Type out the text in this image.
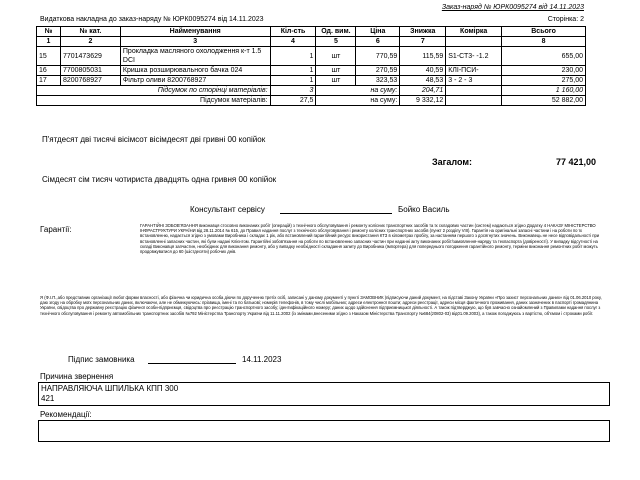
Заказ-наряд № ЮРК0095274 від 14.11.2023
Видаткова накладна до заказ-наряду № ЮРК0095274 від 14.11.2023	Сторінка: 2
№	№ кат.	Найменування	Кіл-сть	Од. вим.	Ціна	Знижка	Комірка	Всього
1	2	3	4	5	6	7		8
15	7701473629	Прокладка масляного охолодження к-т 1.5 DCI	1	шт	770,59	115,59	S1-СТ3- -1.2	655,00
16	7700805031	Кришка розширювального бачка 024	1	шт	270,59	40,59	КЛІ-ПСИ-	230,00
17	8200768927	Фільтр оливи 8200768927	1	шт	323,53	48,53	3 - 2 - 3	275,00
Підсумок по сторінці матеріалів:			3	на суму:		204,71		1 160,00
Підсумок матеріалів:			27,5	на суму:		9 332,12		52 882,00
П'ятдесят дві тисячі вісімсот вісімдесят дві гривні 00 копійок
Загалом:	77 421,00
Сімдесят сім тисяч чотириста двадцять одна гривня 00 копійок
Консультант сервісу	Бойко Василь
Гарантії:	ГАРАНТІЙНІ ЗОБОВ'ЯЗАННЯ виконавця стосовно виконаних робіт (операцій) з технічного обслуговування і ремонту колісних транспортних засобів та їх складових частин (систем) надаються згідно Додатку 4 НАКАЗУ МІНІСТЕРСТВО ІНФРАСТРУКТУРИ УКРАЇНИ від 28.11.2014 № 615, до Правил надання послуг з технічного обслуговування і ремонту колісних транспортних засобів (пункт 2 розділу VIII). Гарантія на оригінальні запасні частини і на роботи по їх встановленню, надається згідно з умовами Виробника і складає 1 рік, або встановлений гарантійний ресурс використання КТЗ в кілометрах пробігу, за настанням першого з досягнутих значень. Виконавець не несе відповідальності при встановленні запасних частин, які були надані Клієнтом. Гарантійні зобов'язання на роботи по встановленню запасних частин при наданні акту виконаних робіт/замовлення-наряду та техпаспорта (довіреності). У випадку відсутності на складі Виконавця запчастин, необхідних для виконання ремонту, або у випадку необхідності складання запиту до Виробника (Імпортера) для попереднього погодження гарантійного ремонту, терміни виконання ремонтних робіт можуть продовжуватися до 60 (шістдесяти) робочих днів.
Я (Ф.І.П.,або представник організації любої форми власності, або фізична чи юридична особа діючи по дорученню третіх осіб, записані у даному документі у пункті ЗАМОВНИК )підписуючи даний документ, на підставі Закону України «Про захист персональних даних» від 01.06.2010 року, даю згоду на обробку моїх персональних даних, включаючи, але не обмежуючись: прізвища, імені та по батькові; номерів телефонів, в тому числі мобільних; адреси електронної пошти; адреси реєстрації, адреси місця фактичного проживання, даних зазначених в паспорті громадянина України, свідоцтва про державну реєстрацію фізичної особи-підприємця, свідоцтва про реєстрацію транспортного засобу; ідентифікаційного номеру; даних щодо здійснення підприємницької діяльності. А також підтверджую, що був завчасно ознайомлений з Правилами надання послуг з технічного обслуговування і ремонту автомобільних транспортних засобів №792 Міністерства Транспорту України від 11.11.2002 (із змінами,внесеними згідно з Наказом Міністерства Транспорту №684(z0802-03) від01.09.2003), а також погоджуюсь з вартістю, об'ємом і строками робіт.
Підпис замовника	14.11.2023
Причина звернення
НАПРАВЛЯЮЧА ШПИЛЬКА КПП 300
421
Рекомендації:
